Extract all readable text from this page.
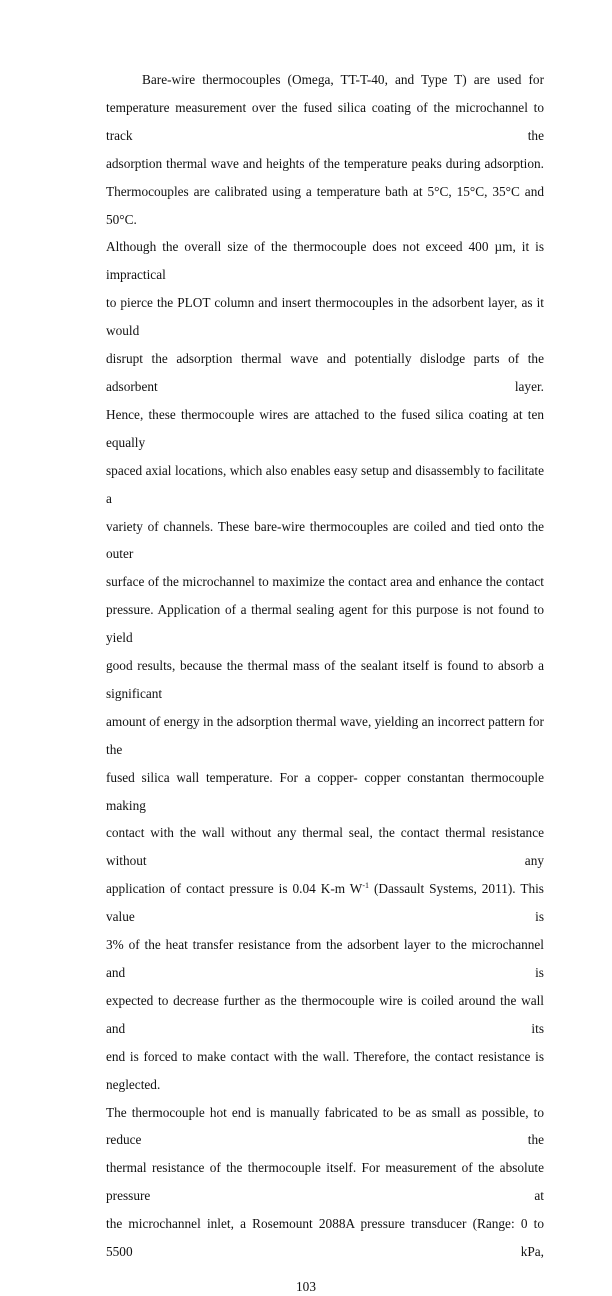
Bare-wire thermocouples (Omega, TT-T-40, and Type T) are used for
temperature measurement over the fused silica coating of the microchannel to track the
adsorption thermal wave and heights of the temperature peaks during adsorption.
Thermocouples are calibrated using a temperature bath at 5°C, 15°C, 35°C and 50°C.
Although the overall size of the thermocouple does not exceed 400 µm, it is impractical
to pierce the PLOT column and insert thermocouples in the adsorbent layer, as it would
disrupt the adsorption thermal wave and potentially dislodge parts of the adsorbent layer.
Hence, these thermocouple wires are attached to the fused silica coating at ten equally
spaced axial locations, which also enables easy setup and disassembly to facilitate a
variety of channels. These bare-wire thermocouples are coiled and tied onto the outer
surface of the microchannel to maximize the contact area and enhance the contact
pressure. Application of a thermal sealing agent for this purpose is not found to yield
good results, because the thermal mass of the sealant itself is found to absorb a significant
amount of energy in the adsorption thermal wave, yielding an incorrect pattern for the
fused silica wall temperature. For a copper- copper constantan thermocouple making
contact with the wall without any thermal seal, the contact thermal resistance without any
application of contact pressure is 0.04 K-m $W^{-1}$ (Dassault Systems, 2011). This value is
3% of the heat transfer resistance from the adsorbent layer to the microchannel and is
expected to decrease further as the thermocouple wire is coiled around the wall and its
end is forced to make contact with the wall. Therefore, the contact resistance is neglected.
The thermocouple hot end is manually fabricated to be as small as possible, to reduce the
thermal resistance of the thermocouple itself. For measurement of the absolute pressure at
the microchannel inlet, a Rosemount 2088A pressure transducer (Range: 0 to 5500 kPa,
103
